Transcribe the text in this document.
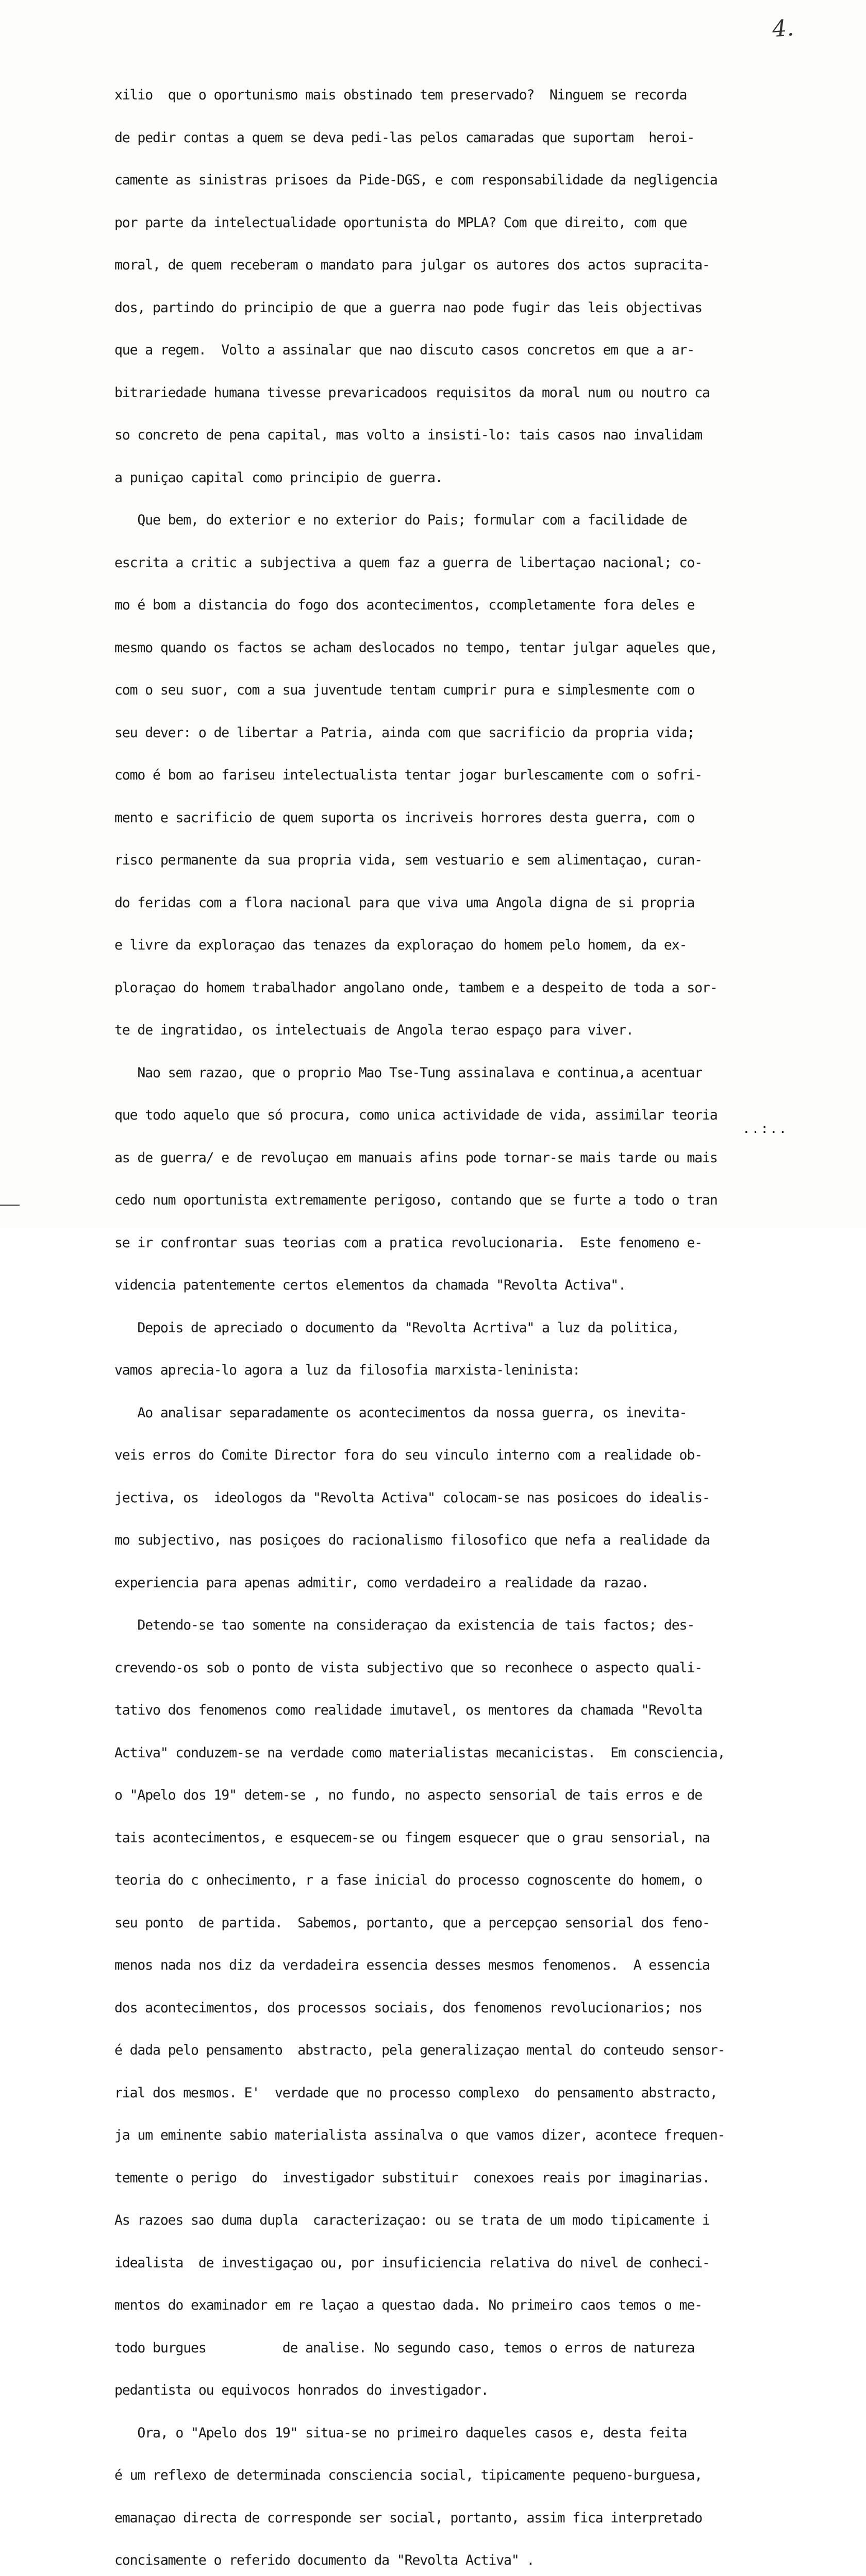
4.

xilio  que o oportunismo mais obstinado tem preservado?  Ninguem se recorda

de pedir contas a quem se deva pedi-las pelos camaradas que suportam  heroi-

camente as sinistras prisoes da Pide-DGS, e com responsabilidade da negligencia

por parte da intelectualidade oportunista do MPLA? Com que direito, com que

moral, de quem receberam o mandato para julgar os autores dos actos supracita-

dos, partindo do principio de que a guerra nao pode fugir das leis objectivas

que a regem.  Volto a assinalar que nao discuto casos concretos em que a ar-

bitrariedade humana tivesse prevaricadoos requisitos da moral num ou noutro ca

so concreto de pena capital, mas volto a insisti-lo: tais casos nao invalidam

a puniçao capital como principio de guerra.

Que bem, do exterior e no exterior do Pais; formular com a facilidade de

escrita a critic a subjectiva a quem faz a guerra de libertaçao nacional; co-

mo é bom a distancia do fogo dos acontecimentos, ccompletamente fora deles e

mesmo quando os factos se acham deslocados no tempo, tentar julgar aqueles que,

com o seu suor, com a sua juventude tentam cumprir pura e simplesmente com o

seu dever: o de libertar a Patria, ainda com que sacrificio da propria vida;

como é bom ao fariseu intelectualista tentar jogar burlescamente com o sofri-

mento e sacrificio de quem suporta os incriveis horrores desta guerra, com o

risco permanente da sua propria vida, sem vestuario e sem alimentaçao, curan-

do feridas com a flora nacional para que viva uma Angola digna de si propria

e livre da exploraçao das tenazes da exploraçao do homem pelo homem, da ex-

ploraçao do homem trabalhador angolano onde, tambem e a despeito de toda a sor-

te de ingratidao, os intelectuais de Angola terao espaço para viver.

Nao sem razao, que o proprio Mao Tse-Tung assinalava e continua,a acentuar

que todo aquelo que só procura, como unica actividade de vida, assimilar teoria

as de guerra/ e de revoluçao em manuais afins pode tornar-se mais tarde ou mais

cedo num oportunista extremamente perigoso, contando que se furte a todo o tran

se ir confrontar suas teorias com a pratica revolucionaria.  Este fenomeno e-

videncia patentemente certos elementos da chamada "Revolta Activa".

Depois de apreciado o documento da "Revolta Acrtiva" a luz da politica,

vamos aprecia-lo agora a luz da filosofia marxista-leninista:

Ao analisar separadamente os acontecimentos da nossa guerra, os inevita-

veis erros do Comite Director fora do seu vinculo interno com a realidade ob-

jectiva, os  ideologos da "Revolta Activa" colocam-se nas posicoes do idealis-

mo subjectivo, nas posiçoes do racionalismo filosofico que nefa a realidade da

experiencia para apenas admitir, como verdadeiro a realidade da razao.

Detendo-se tao somente na consideraçao da existencia de tais factos; des-

crevendo-os sob o ponto de vista subjectivo que so reconhece o aspecto quali-

tativo dos fenomenos como realidade imutavel, os mentores da chamada "Revolta

Activa" conduzem-se na verdade como materialistas mecanicistas.  Em consciencia,

o "Apelo dos 19" detem-se , no fundo, no aspecto sensorial de tais erros e de

tais acontecimentos, e esquecem-se ou fingem esquecer que o grau sensorial, na

teoria do c onhecimento, r a fase inicial do processo cognoscente do homem, o

seu ponto  de partida.  Sabemos, portanto, que a percepçao sensorial dos feno-

menos nada nos diz da verdadeira essencia desses mesmos fenomenos.  A essencia

dos acontecimentos, dos processos sociais, dos fenomenos revolucionarios; nos

é dada pelo pensamento  abstracto, pela generalizaçao mental do conteudo sensor-

rial dos mesmos. E'  verdade que no processo complexo  do pensamento abstracto,

ja um eminente sabio materialista assinalva o que vamos dizer, acontece frequen-

temente o perigo  do  investigador substituir  conexoes reais por imaginarias.

As razoes sao duma dupla  caracterizaçao: ou se trata de um modo tipicamente i

idealista  de investigaçao ou, por insuficiencia relativa do nivel de conheci-

mentos do examinador em re laçao a questao dada. No primeiro caos temos o me-

todo burgues          de analise. No segundo caso, temos o erros de natureza

pedantista ou equivocos honrados do investigador.

Ora, o "Apelo dos 19" situa-se no primeiro daqueles casos e, desta feita

é um reflexo de determinada consciencia social, tipicamente pequeno-burguesa,

emanaçao directa de corresponde ser social, portanto, assim fica interpretado

concisamente o referido documento da "Revolta Activa" .

..:..
